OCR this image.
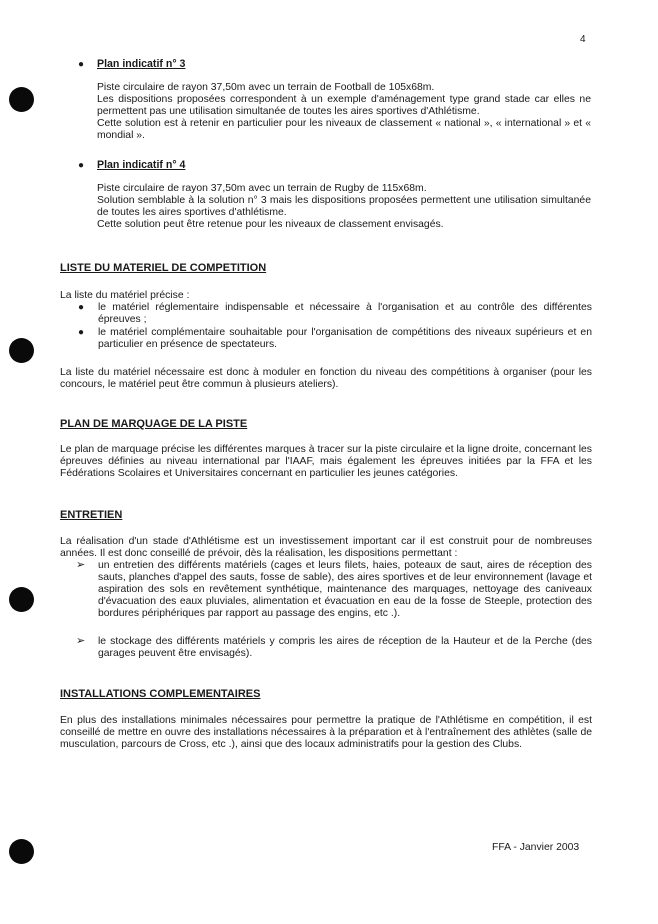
4
● Plan indicatif n° 3

Piste circulaire de rayon 37,50m avec un terrain de Football de 105x68m.

Les dispositions proposées correspondent à un exemple d'aménagement type grand stade car elles ne permettent pas une utilisation simultanée de toutes les aires sportives d'Athlétisme.

Cette solution est à retenir en particulier pour les niveaux de classement « national », « international » et « mondial ».

● Plan indicatif n° 4

Piste circulaire de rayon 37,50m avec un terrain de Rugby de 115x68m.

Solution semblable à la solution n° 3 mais les dispositions proposées permettent une utilisation simultanée de toutes les aires sportives d'athlétisme.

Cette solution peut être retenue pour les niveaux de classement envisagés.

LISTE DU MATERIEL DE COMPETITION
La liste du matériel précise :
● le matériel réglementaire indispensable et nécessaire à l'organisation et au contrôle des différentes épreuves ;
● le matériel complémentaire souhaitable pour l'organisation de compétitions des niveaux supérieurs et en particulier en présence de spectateurs.
La liste du matériel nécessaire est donc à moduler en fonction du niveau des compétitions à organiser (pour les concours, le matériel peut être commun à plusieurs ateliers).
PLAN DE MARQUAGE DE LA PISTE
Le plan de marquage précise les différentes marques à tracer sur la piste circulaire et la ligne droite, concernant les épreuves définies au niveau international par l'IAAF, mais également les épreuves initiées par la FFA et les Fédérations Scolaires et Universitaires concernant en particulier les jeunes catégories.
ENTRETIEN
La réalisation d'un stade d'Athlétisme est un investissement important car il est construit pour de nombreuses années. Il est donc conseillé de prévoir, dès la réalisation, les dispositions permettant :
➢ un entretien des différents matériels (cages et leurs filets, haies, poteaux de saut, aires de réception des sauts, planches d'appel des sauts, fosse de sable), des aires sportives et de leur environnement (lavage et aspiration des sols en revêtement synthétique, maintenance des marquages, nettoyage des caniveaux d'évacuation des eaux pluviales, alimentation et évacuation en eau de la fosse de Steeple, protection des bordures périphériques par rapport au passage des engins, etc .).
➢ le stockage des différents matériels y compris les aires de réception de la Hauteur et de la Perche (des garages peuvent être envisagés).
INSTALLATIONS COMPLEMENTAIRES
En plus des installations minimales nécessaires pour permettre la pratique de l'Athlétisme en compétition, il est conseillé de mettre en ouvre des installations nécessaires à la préparation et à l'entraînement des athlètes (salle de musculation, parcours de Cross, etc .), ainsi que des locaux administratifs pour la gestion des Clubs.
FFA - Janvier 2003
